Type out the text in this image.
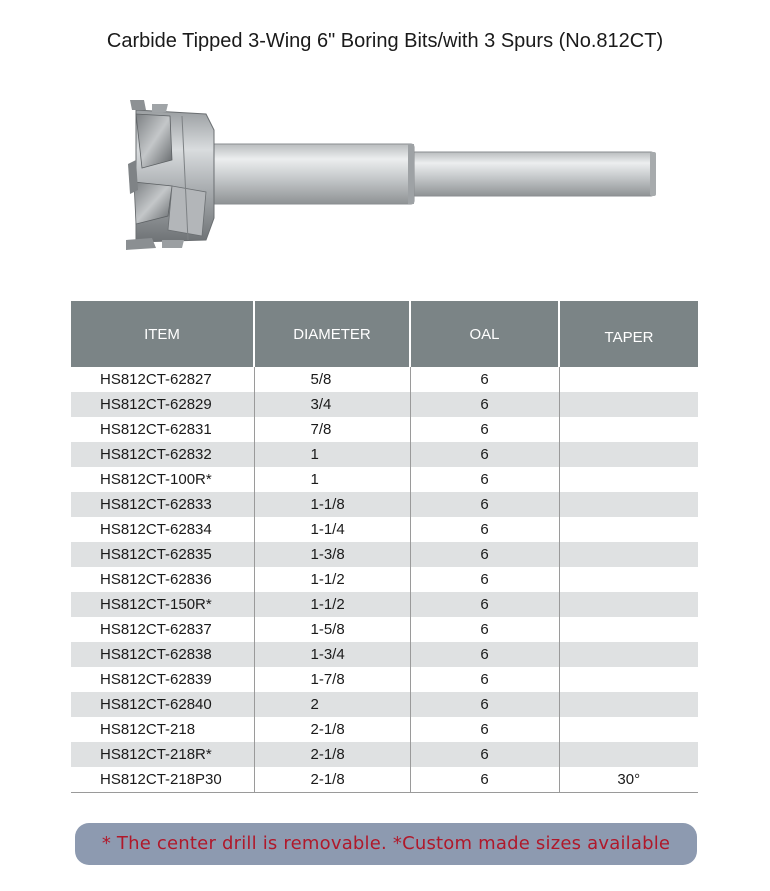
Carbide Tipped 3-Wing 6" Boring Bits/with 3 Spurs (No.812CT)
ITEM	DIAMETER	OAL	TAPER
HS812CT-62827	5/8	6	
HS812CT-62829	3/4	6	
HS812CT-62831	7/8	6	
HS812CT-62832	1	6	
HS812CT-100R*	1	6	
HS812CT-62833	1-1/8	6	
HS812CT-62834	1-1/4	6	
HS812CT-62835	1-3/8	6	
HS812CT-62836	1-1/2	6	
HS812CT-150R*	1-1/2	6	
HS812CT-62837	1-5/8	6	
HS812CT-62838	1-3/4	6	
HS812CT-62839	1-7/8	6	
HS812CT-62840	2	6	
HS812CT-218	2-1/8	6	
HS812CT-218R*	2-1/8	6	
HS812CT-218P30	2-1/8	6	30°
* The center drill is removable. *Custom made sizes available
